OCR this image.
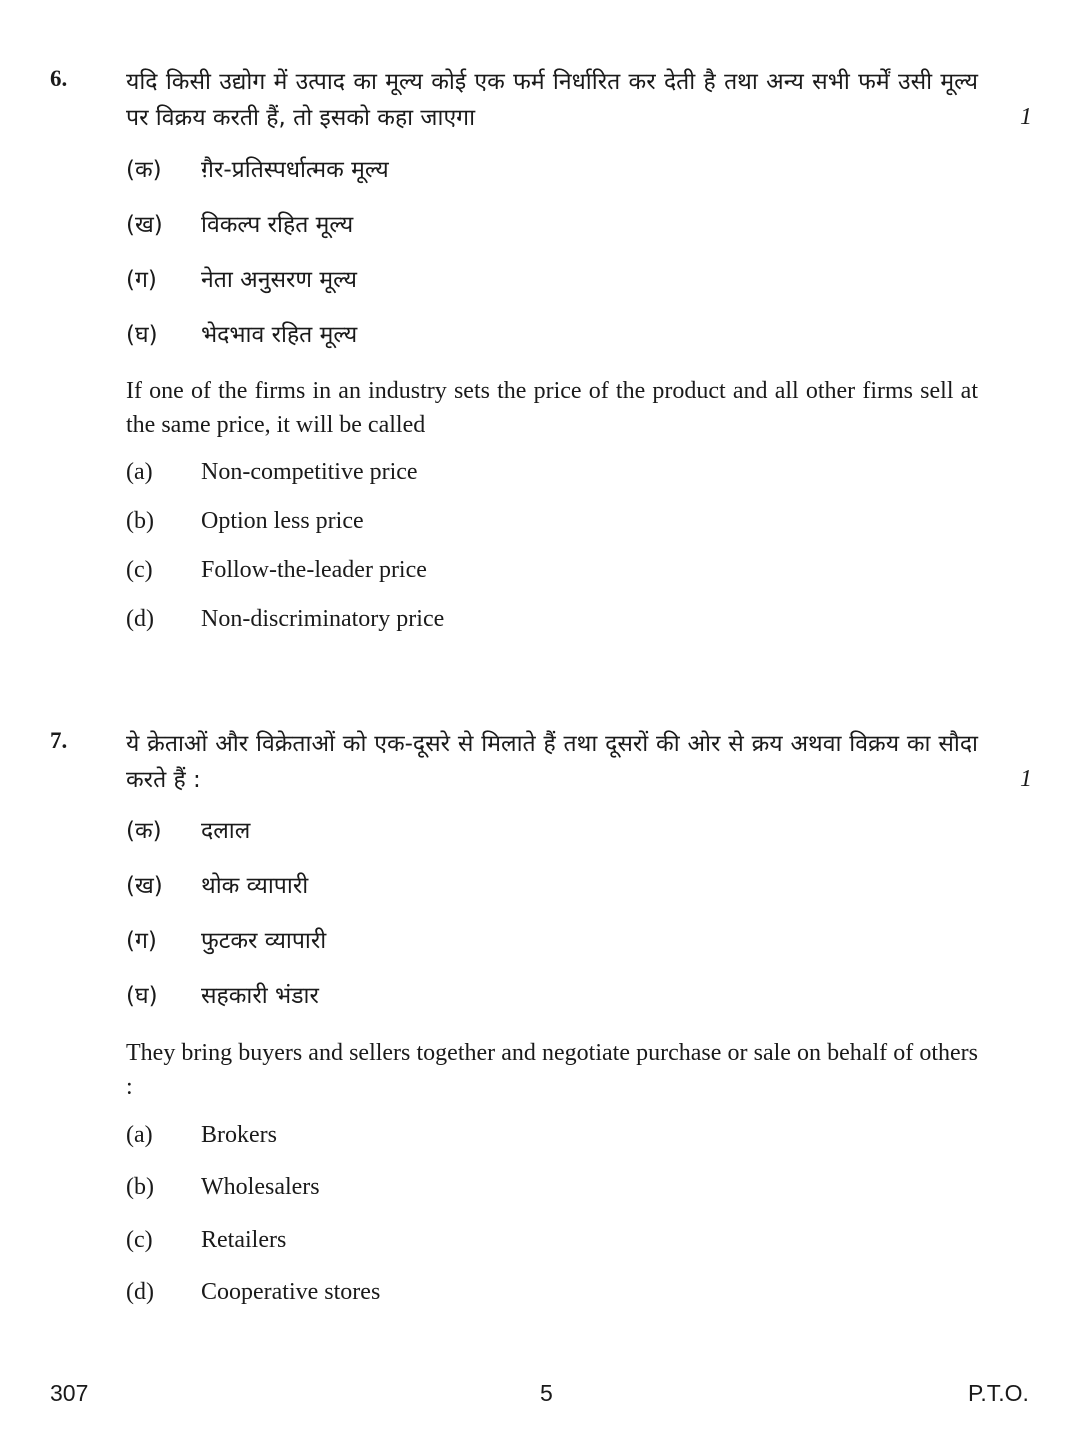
6.	यदि किसी उद्योग में उत्पाद का मूल्य कोई एक फर्म निर्धारित कर देती है तथा अन्य सभी फर्में उसी मूल्य पर विक्रय करती हैं, तो इसको कहा जाएगा	1
(क) ग़ैर-प्रतिस्पर्धात्मक मूल्य
(ख) विकल्प रहित मूल्य
(ग) नेता अनुसरण मूल्य
(घ) भेदभाव रहित मूल्य
If one of the firms in an industry sets the price of the product and all other firms sell at the same price, it will be called
(a) Non-competitive price
(b) Option less price
(c) Follow-the-leader price
(d) Non-discriminatory price
7.	ये क्रेताओं और विक्रेताओं को एक-दूसरे से मिलाते हैं तथा दूसरों की ओर से क्रय अथवा विक्रय का सौदा करते हैं :	1
(क) दलाल
(ख) थोक व्यापारी
(ग) फुटकर व्यापारी
(घ) सहकारी भंडार
They bring buyers and sellers together and negotiate purchase or sale on behalf of others :
(a) Brokers
(b) Wholesalers
(c) Retailers
(d) Cooperative stores
307	5	P.T.O.
